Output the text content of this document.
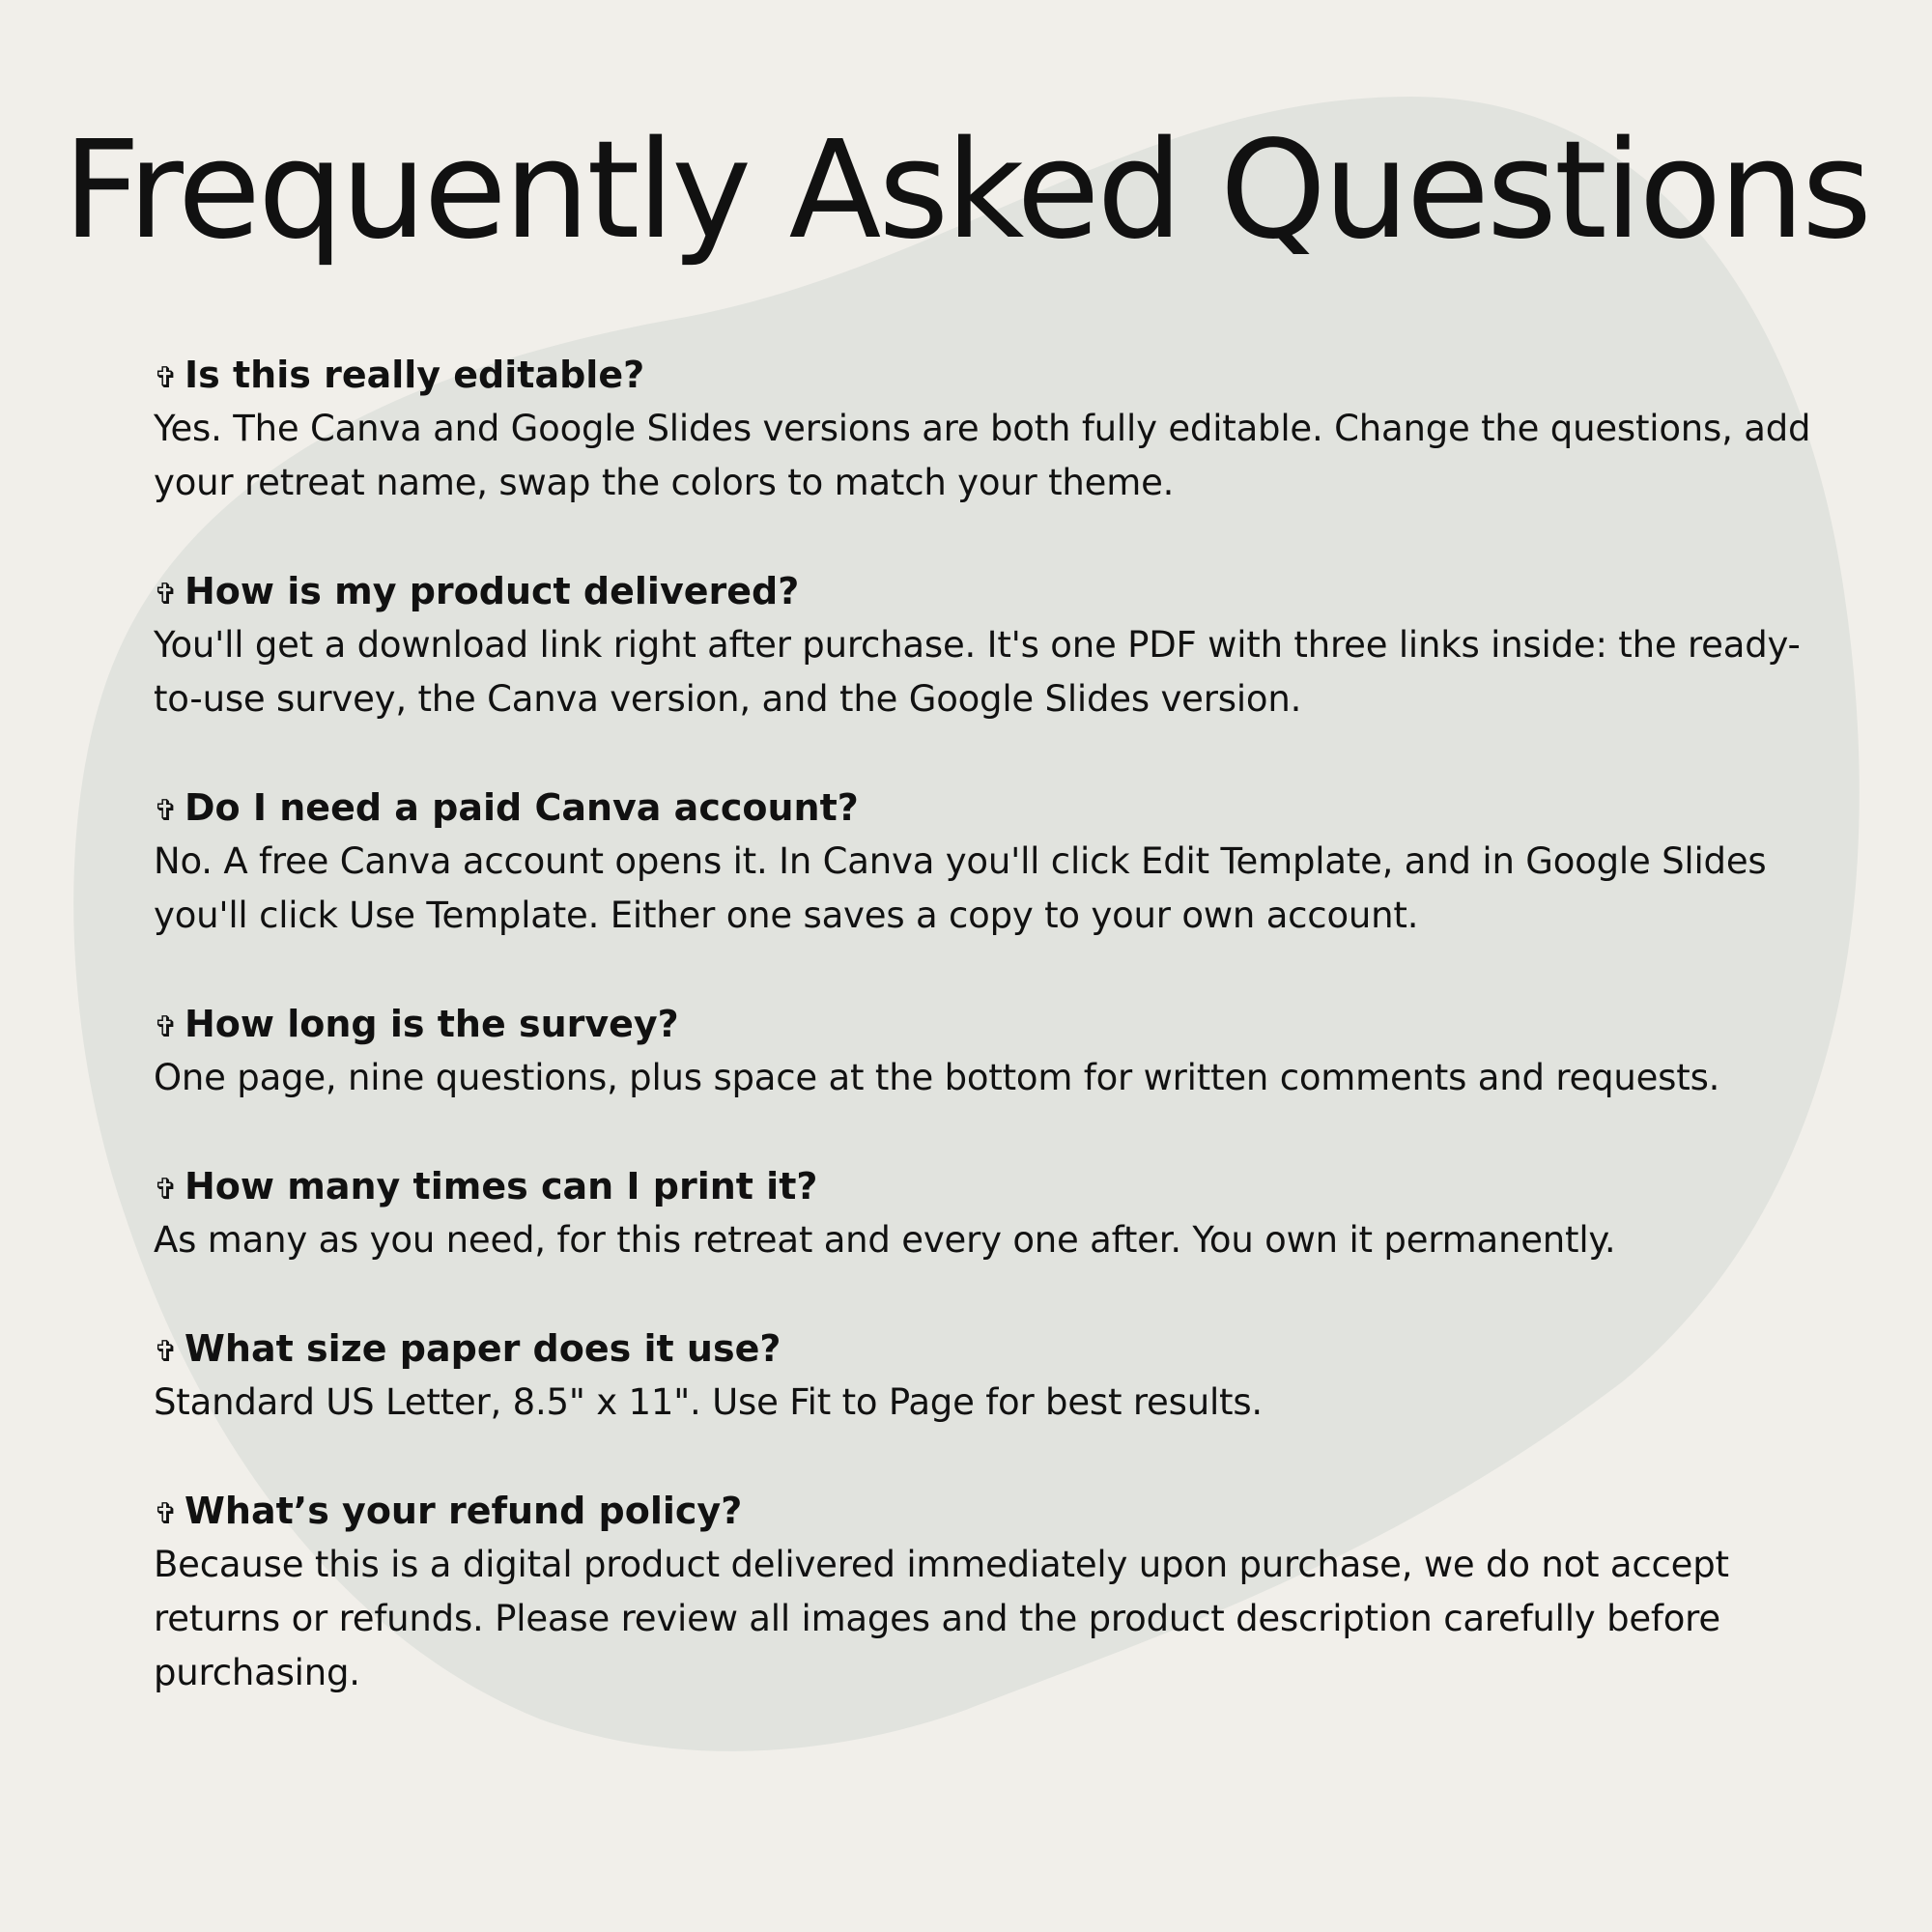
Frequently Asked Questions
✞ Is this really editable?

Yes. The Canva and Google Slides versions are both fully editable. Change the questions, add your retreat name, swap the colors to match your theme.

✞ How is my product delivered?

You'll get a download link right after purchase. It's one PDF with three links inside: the ready-to-use survey, the Canva version, and the Google Slides version.

✞ Do I need a paid Canva account?

No. A free Canva account opens it. In Canva you'll click Edit Template, and in Google Slides you'll click Use Template. Either one saves a copy to your own account.

✞ How long is the survey?

One page, nine questions, plus space at the bottom for written comments and requests.

✞ How many times can I print it?

As many as you need, for this retreat and every one after. You own it permanently.

✞ What size paper does it use?

Standard US Letter, 8.5" x 11". Use Fit to Page for best results.

✞ What’s your refund policy?

Because this is a digital product delivered immediately upon purchase, we do not accept returns or refunds. Please review all images and the product description carefully before purchasing.
